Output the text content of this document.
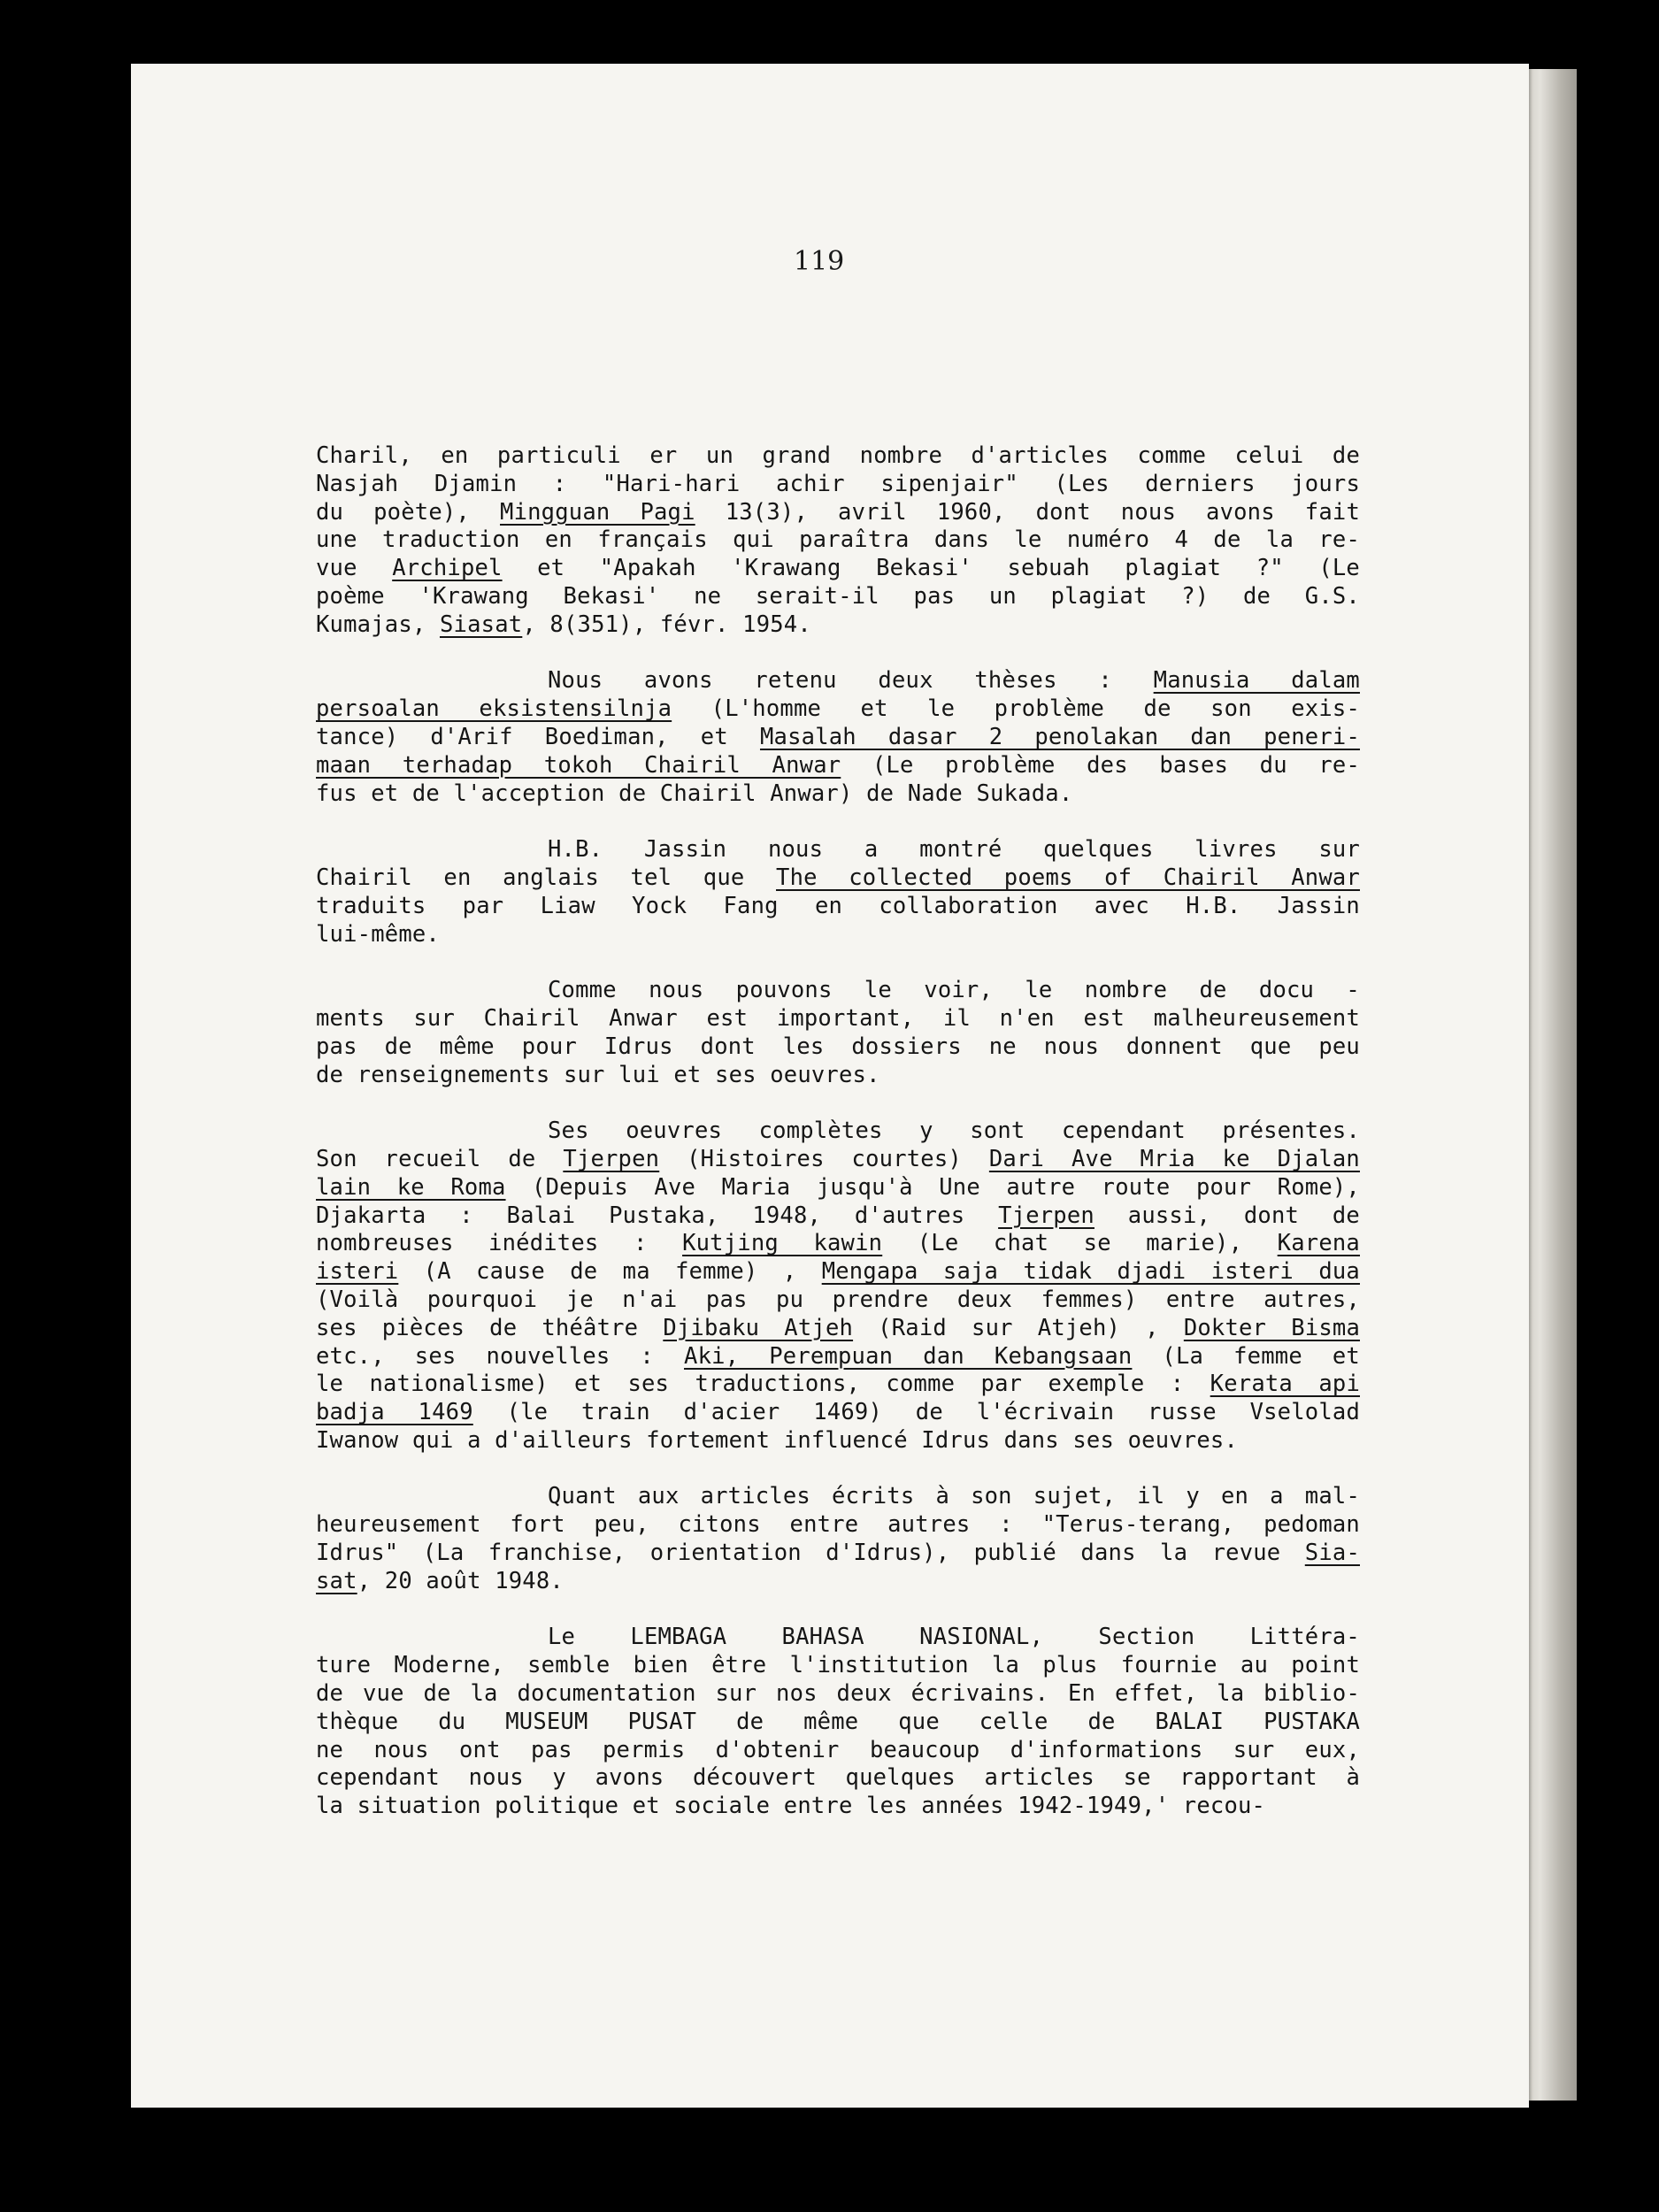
119
Charil, en particuli er un grand nombre d'articles comme celui de
Nasjah Djamin : "Hari-hari achir sipenjair" (Les derniers jours
du poète), Mingguan Pagi 13(3), avril 1960, dont nous avons fait
une traduction en français qui paraîtra dans le numéro 4 de la re-
vue Archipel et "Apakah 'Krawang Bekasi' sebuah plagiat ?" (Le
poème 'Krawang Bekasi' ne serait-il pas un plagiat ?) de G.S.
Kumajas, Siasat, 8(351), févr. 1954.
Nous avons retenu deux thèses : Manusia dalam
persoalan eksistensilnja (L'homme et le problème de son exis-
tance) d'Arif Boediman, et Masalah dasar 2 penolakan dan peneri-
maan terhadap tokoh Chairil Anwar (Le problème des bases du re-
fus et de l'acception de Chairil Anwar) de Nade Sukada.
H.B. Jassin nous a montré quelques livres sur
Chairil en anglais tel que The collected poems of Chairil Anwar
traduits par Liaw Yock Fang en collaboration avec H.B. Jassin
lui-même.
Comme nous pouvons le voir, le nombre de docu -
ments sur Chairil Anwar est important, il n'en est malheureusement
pas de même pour Idrus dont les dossiers ne nous donnent que peu
de renseignements sur lui et ses oeuvres.
Ses oeuvres complètes y sont cependant présentes.
Son recueil de Tjerpen (Histoires courtes) Dari Ave Mria ke Djalan
lain ke Roma (Depuis Ave Maria jusqu'à Une autre route pour Rome),
Djakarta : Balai Pustaka, 1948, d'autres Tjerpen aussi, dont de
nombreuses inédites : Kutjing kawin (Le chat se marie), Karena
isteri (A cause de ma femme) , Mengapa saja tidak djadi isteri dua
(Voilà pourquoi je n'ai pas pu prendre deux femmes) entre autres,
ses pièces de théâtre Djibaku Atjeh (Raid sur Atjeh) , Dokter Bisma
etc., ses nouvelles : Aki, Perempuan dan Kebangsaan (La femme et
le nationalisme) et ses traductions, comme par exemple : Kerata api
badja 1469 (le train d'acier 1469) de l'écrivain russe Vselolad
Iwanow qui a d'ailleurs fortement influencé Idrus dans ses oeuvres.
Quant aux articles écrits à son sujet, il y en a mal-
heureusement fort peu, citons entre autres : "Terus-terang, pedoman
Idrus" (La franchise, orientation d'Idrus), publié dans la revue Sia-
sat, 20 août 1948.
Le LEMBAGA BAHASA NASIONAL, Section Littéra-
ture Moderne, semble bien être l'institution la plus fournie au point
de vue de la documentation sur nos deux écrivains. En effet, la biblio-
thèque du MUSEUM PUSAT de même que celle de BALAI PUSTAKA
ne nous ont pas permis d'obtenir beaucoup d'informations sur eux,
cependant nous y avons découvert quelques articles se rapportant à
la situation politique et sociale entre les années 1942-1949,' recou-
